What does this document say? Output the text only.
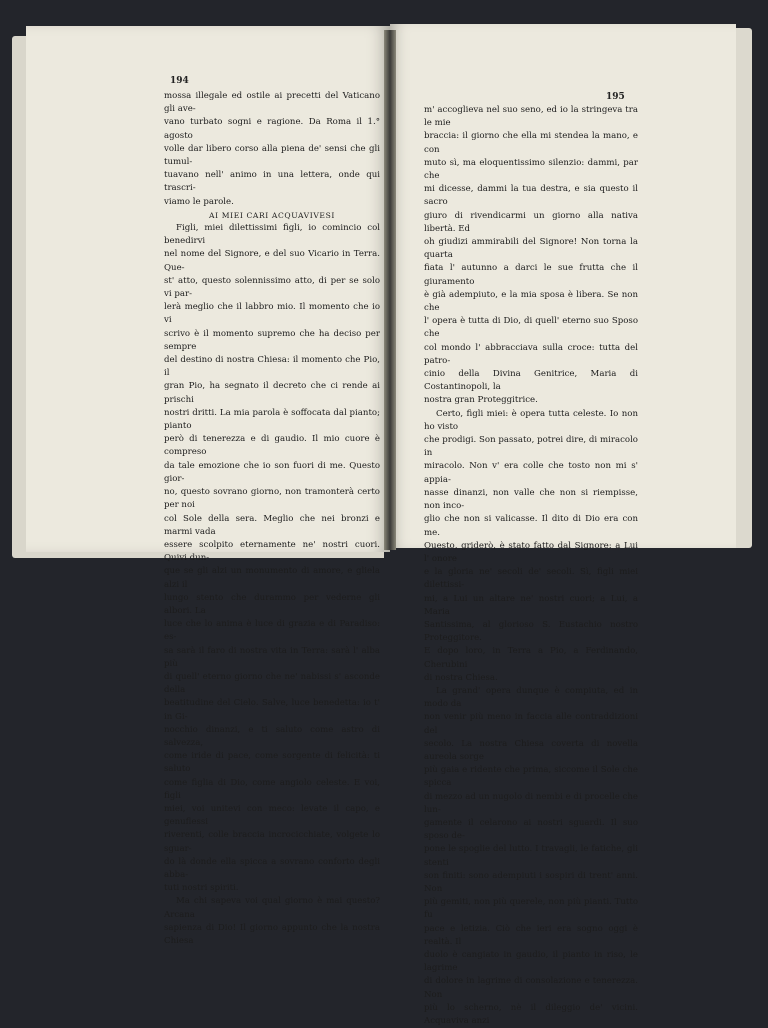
194

mossa illegale ed ostile ai precetti del Vaticano gli ave-

vano turbato sogni e ragione. Da Roma il 1.° agosto

volle dar libero corso alla piena de' sensi che gli tumul-

tuavano nell' animo in una lettera, onde qui trascri-

viamo le parole.

AI MIEI CARI ACQUAVIVESI

Figli, miei dilettissimi figli, io comincio col benedirvi

nel nome del Signore, e del suo Vicario in Terra. Que-

st' atto, questo solennissimo atto, di per se solo vi par-

lerà meglio che il labbro mio. Il momento che io vi

scrivo è il momento supremo che ha deciso per sempre

del destino di nostra Chiesa: il momento che Pio, il

gran Pio, ha segnato il decreto che ci rende ai prischi

nostri dritti. La mia parola è soffocata dal pianto; pianto

però di tenerezza e di gaudio. Il mio cuore è compreso

da tale emozione che io son fuori di me. Questo gior-

no, questo sovrano giorno, non tramonterà certo per noi

col Sole della sera. Meglio che nei bronzi e marmi vada

essere scolpito eternamente ne' nostri cuori. Quivi dun-

que se gli alzi un monumento di amore, e gliela alzi il

lungo stento che durammo per vederne gli albori. La

luce che lo anima è luce di grazia e di Paradiso: es-

sa sarà il faro di nostra vita in Terra: sarà l' alba più

di quell' eterno giorno che ne' nabissi s' asconde della

beatitudine del Cielo. Salve, luce benedetta: io t' in Gi-

nocchio dinanzi, e ti saluto come astro di salvezza,

come iride di pace, come sorgente di felicità: ti saluto

come figlia di Dio, come angiolo celeste. E voi, figli

miei, voi unitevi con meco: levate il capo, e genuflessi

riverenti, colle braccia incrocicchiate, volgete lo sguar-

do là donde ella spicca a sovrano conforto degli abba-

tuti nostri spiriti.

Ma chi sapeva voi qual giorno è mai questo? Arcana

sapienza di Dio! Il giorno appunto che la nostra Chiesa

195

m' accoglieva nel suo seno, ed io la stringeva tra le mie

braccia: il giorno che ella mi stendea la mano, e con

muto sì, ma eloquentissimo silenzio: dammi, par che

mi dicesse, dammi la tua destra, e sia questo il sacro

giuro di rivendicarmi un giorno alla nativa libertà. Ed

oh giudizi ammirabili del Signore! Non torna la quarta

fiata l' autunno a darci le sue frutta che il giuramento

è già adempiuto, e la mia sposa è libera. Se non che

l' opera è tutta di Dio, di quell' eterno suo Sposo che

col mondo l' abbracciava sulla croce: tutta del patro-

cinio della Divina Genitrice, Maria di Costantinopoli, la

nostra gran Proteggitrice.

Certo, figli miei: è opera tutta celeste. Io non ho visto

che prodigi. Son passato, potrei dire, di miracolo in

miracolo. Non v' era colle che tosto non mi s' appia-

nasse dinanzi, non valle che non si riempisse, non inco-

glio che non si valicasse. Il dito di Dio era con me.

Questo, griderò, è stato fatto dal Signore: a Lui l' onore

e la gloria ne' secoli de' secoli. Sì, figli miei dilettissi-

mi, a Lui un altare ne' nostri cuori; a Lui, a Maria

Santissima, al glorioso S. Eustachio nostro Proteggitore.

E dopo loro, in Terra a Pio, a Ferdinando, Cherubini

di nostra Chiesa.

La grand' opera dunque è compiuta, ed in modo da

non venir più meno in faccia alle contraddizioni del

secolo. La nostra Chiesa coverta di novella aureola sorge

più gaia e ridente che prima, siccome il Sole che spicca

di mezzo ad un nugolo di nembi e di procelle che lun-

gamente il celarono ai nostri sguardi. Il suo sposo de-

pone le spoglie del lutto. I travagli, le fatiche, gli stenti

son finiti: sono adempiuti i sospiri di trent' anni. Non

più gemiti, non più querele, non più pianti. Tutto fu

pace e letizia. Ciò che ieri era sogno oggi è realtà. Il

duolo è cangiato in gaudio, il pianto in riso, le lagrime

di dolore in lagrime di consolazione e tenerezza. Non

più lo scherno, nè il dileggio de' vicini. Acquaviva anzi
